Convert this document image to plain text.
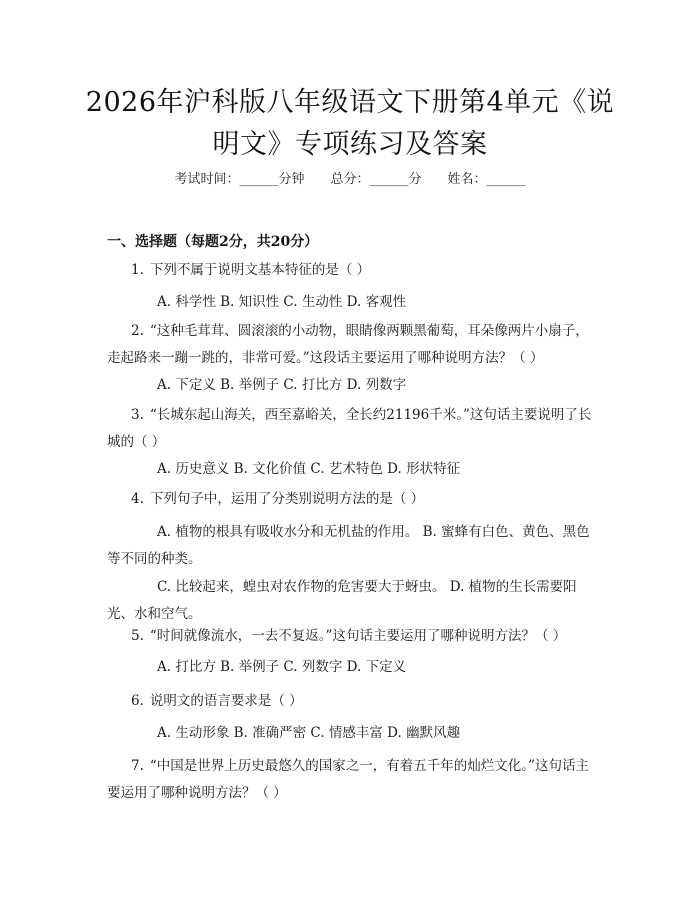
2026年沪科版八年级语文下册第4单元《说明文》专项练习及答案
考试时间：______分钟　　总分：______分　　姓名：______
一、选择题（每题2分，共20分）
1. 下列不属于说明文基本特征的是（ ）
A. 科学性 B. 知识性 C. 生动性 D. 客观性
2. “这种毛茸茸、圆滚滚的小动物，眼睛像两颗黑葡萄，耳朵像两片小扇子，走起路来一蹦一跳的，非常可爱。”这段话主要运用了哪种说明方法？（ ）
A. 下定义 B. 举例子 C. 打比方 D. 列数字
3. “长城东起山海关，西至嘉峪关，全长约21196千米。”这句话主要说明了长城的（ ）
A. 历史意义 B. 文化价值 C. 艺术特色 D. 形状特征
4. 下列句子中，运用了分类别说明方法的是（ ）
A. 植物的根具有吸收水分和无机盐的作用。 B. 蜜蜂有白色、黄色、黑色等不同的种类。
C. 比较起来，蝗虫对农作物的危害要大于蚜虫。 D. 植物的生长需要阳光、水和空气。
5. “时间就像流水，一去不复返。”这句话主要运用了哪种说明方法？（ ）
A. 打比方 B. 举例子 C. 列数字 D. 下定义
6. 说明文的语言要求是（ ）
A. 生动形象 B. 准确严密 C. 情感丰富 D. 幽默风趣
7. “中国是世界上历史最悠久的国家之一，有着五千年的灿烂文化。”这句话主要运用了哪种说明方法？（ ）
